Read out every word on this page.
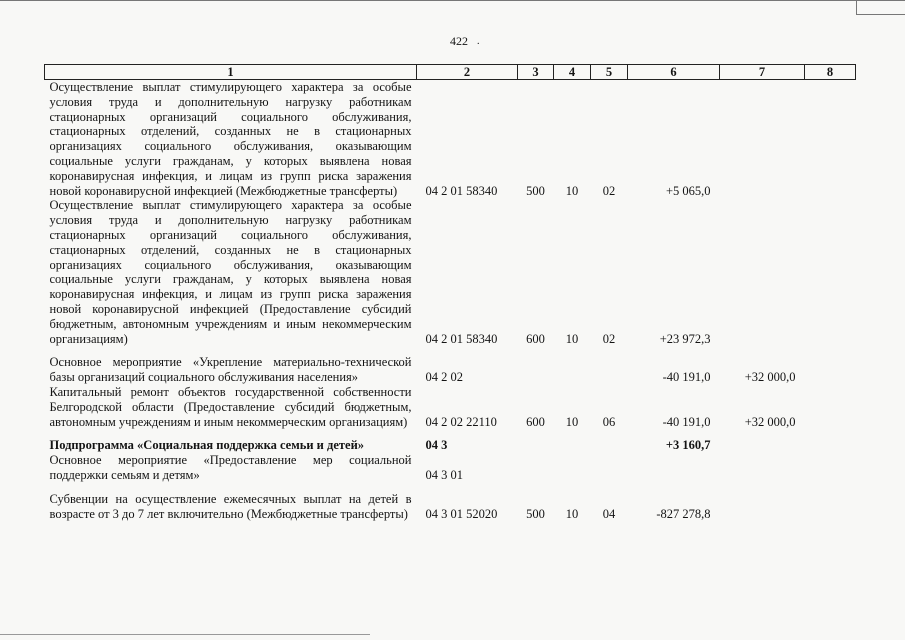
422 .
1	2	3	4	5	6	7	8
Осуществление выплат стимулирующего характера за особые условия труда и дополнительную нагрузку работникам стационарных организаций социального обслуживания, стационарных отделений, созданных не в стационарных организациях социального обслуживания, оказывающим социальные услуги гражданам, у которых выявлена новая коронавирусная инфекция, и лицам из групп риска заражения новой коронавирусной инфекцией (Межбюджетные трансферты)	04 2 01 58340	500	10	02	+5 065,0		
Осуществление выплат стимулирующего характера за особые условия труда и дополнительную нагрузку работникам стационарных организаций социального обслуживания, стационарных отделений, созданных не в стационарных организациях социального обслуживания, оказывающим социальные услуги гражданам, у которых выявлена новая коронавирусная инфекция, и лицам из групп риска заражения новой коронавирусной инфекцией (Предоставление субсидий бюджетным, автономным учреждениям и иным некоммерческим организациям)	04 2 01 58340	600	10	02	+23 972,3		
Основное мероприятие «Укрепление материально-технической базы организаций социального обслуживания населения»	04 2 02				-40 191,0	+32 000,0	
Капитальный ремонт объектов государственной собственности Белгородской области (Предоставление субсидий бюджетным, автономным учреждениям и иным некоммерческим организациям)	04 2 02 22110	600	10	06	-40 191,0	+32 000,0	
Подпрограмма «Социальная поддержка семьи и детей»	04 3				+3 160,7		
Основное мероприятие «Предоставление мер социальной поддержки семьям и детям»	04 3 01						
Субвенции на осуществление ежемесячных выплат на детей в возрасте от 3 до 7 лет включительно (Межбюджетные трансферты)	04 3 01 52020	500	10	04	-827 278,8		
